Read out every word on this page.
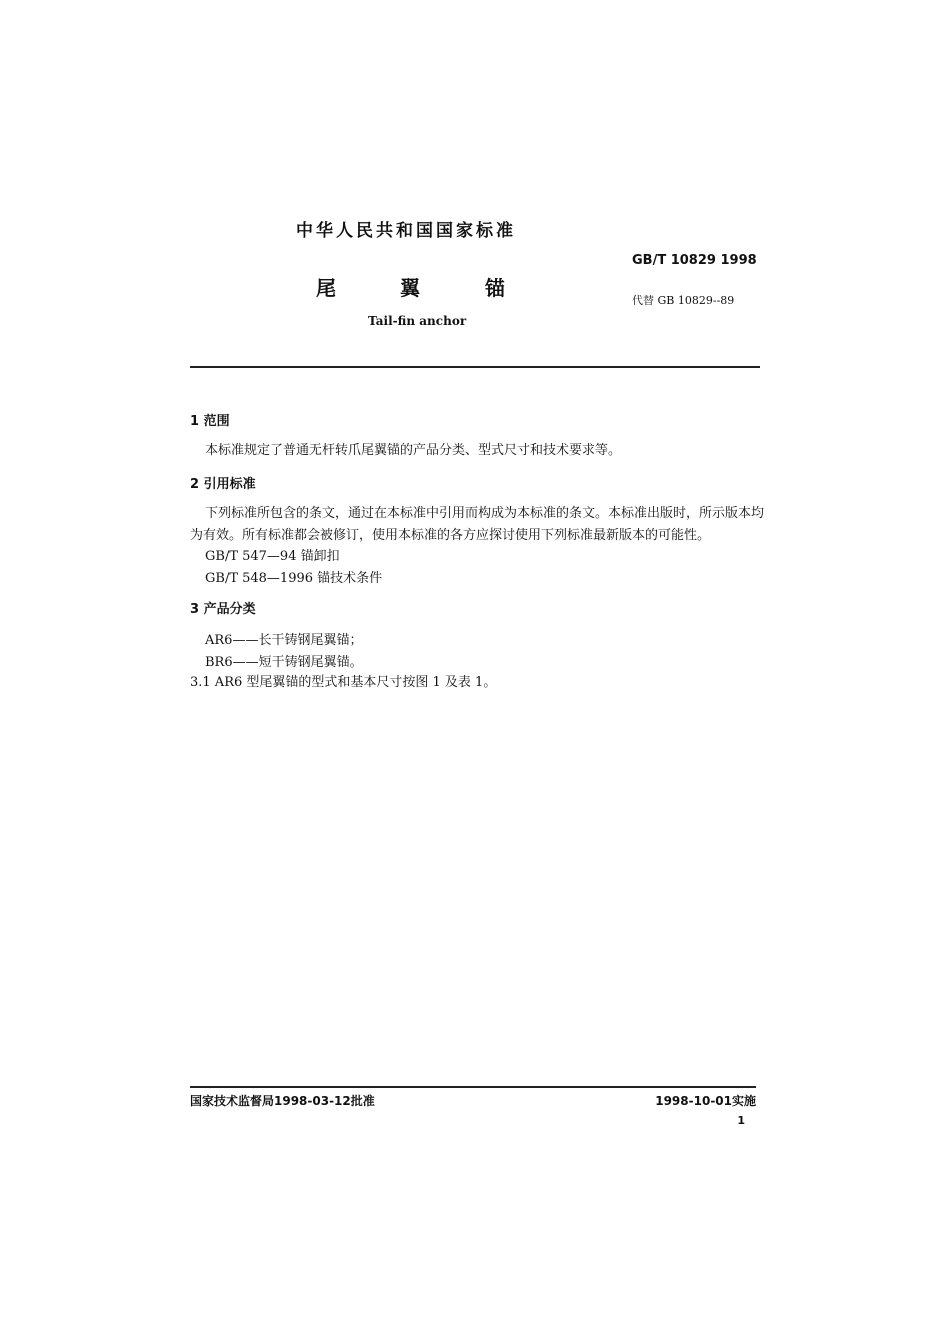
中华人民共和国国家标准
GB/T 10829 1998
尾	翼	锚
代替 GB 10829--89
Tail-fin anchor
1 范围
本标准规定了普通无杆转爪尾翼锚的产品分类、型式尺寸和技术要求等。
2 引用标准
下列标准所包含的条文，通过在本标准中引用而构成为本标准的条文。本标准出版时，所示版本均
为有效。所有标准都会被修订，使用本标准的各方应探讨使用下列标准最新版本的可能性。
GB/T 547—94 锚卸扣
GB/T 548—1996 锚技术条件
3 产品分类
AR6——长干铸钢尾翼锚；
BR6——短干铸钢尾翼锚。
3.1 AR6 型尾翼锚的型式和基本尺寸按图 1 及表 1。
国家技术监督局1998-03-12批准	1998-10-01实施
1
